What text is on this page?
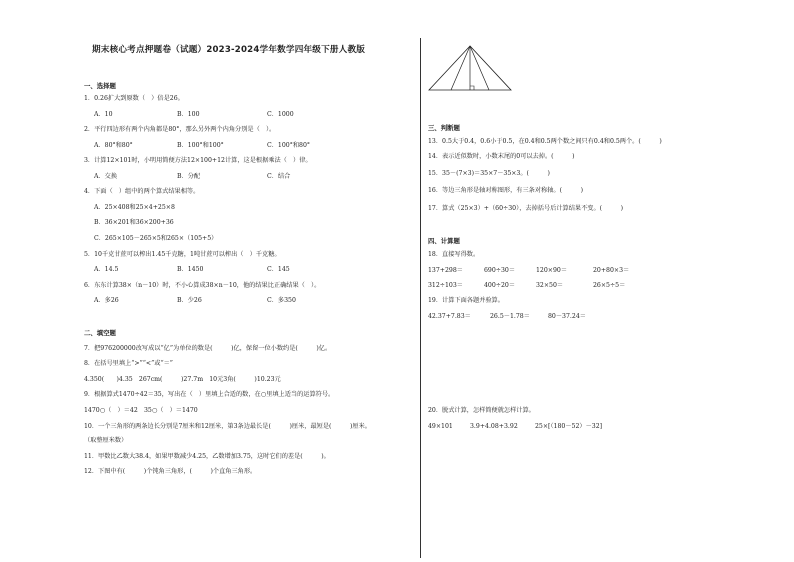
期末核心考点押题卷（试题）2023-2024学年数学四年级下册人教版
一、选择题
1．0.26扩大到原数（　）倍是26。
A．10	B．100	C．1000
2．平行四边形有两个内角都是80°，那么另外两个内角分别是（　）。
A．80°和80°	B．100°和100°	C．100°和80°
3．计算12×101时，小明用简便方法12×100+12计算，这是根据乘法（　）律。
A．交换	B．分配	C．结合
4．下面（　）组中的两个算式结果相等。
A．25×408和25×4+25×8
B．36×201和36×200+36
C．265×105－265×5和265×（105+5）
5．10千克甘蔗可以榨出1.45千克糖，1吨甘蔗可以榨出（　）千克糖。
A．14.5	B．1450	C．145
6．东东计算38×（n－10）时，不小心算成38×n－10，他的结果比正确结果（　）。
A．多26	B．少26	C．多350
二、填空题
7．把976200000改写成以“亿”为单位的数是(　　　)亿，保留一位小数约是(　　　)亿。
8．在括号里填上“>”“<”或“＝”
4.350(　　)4.35　267cm(　　　)27.7m　10元3角(　　　)10.23元
9．根据算式1470÷42＝35，写出在（　）里填上合适的数，在○里填上适当的运算符号。
1470○（　）＝42　35○（　）＝1470
10．一个三角形的两条边长分别是7厘米和12厘米，第3条边最长是(　　　)厘米，最短是(　　　)厘米。
（取整厘米数）
11．甲数比乙数大38.4，如果甲数减少4.25，乙数增加3.75，这时它们的差是(　　　)。
12．下图中有(　　　)个钝角三角形，(　　　)个直角三角形。
三、判断题
13．0.5大于0.4，0.6小于0.5，在0.4和0.5两个数之间只有0.4和0.5两个。(　　　)
14．表示近似数时，小数末尾的0可以去掉。(　　　)
15．35－(7×3)＝35×7－35×3。(　　　)
16．等边三角形是轴对称图形，有三条对称轴。(　　　)
17．算式（25×3）+（60÷30），去掉括号后计算结果不变。(　　　)
四、计算题
18．直接写得数。
137+298＝	690÷30＝	120×90＝	20+80×3＝
312÷103＝	400÷20＝	32×50＝	26×5÷5＝
19．计算下面各题并验算。
42.37+7.83＝	26.5－1.78＝	80－37.24＝
20．脱式计算，怎样简便就怎样计算。
49×101	3.9+4.08+3.92	25×[（180－52）－32]
